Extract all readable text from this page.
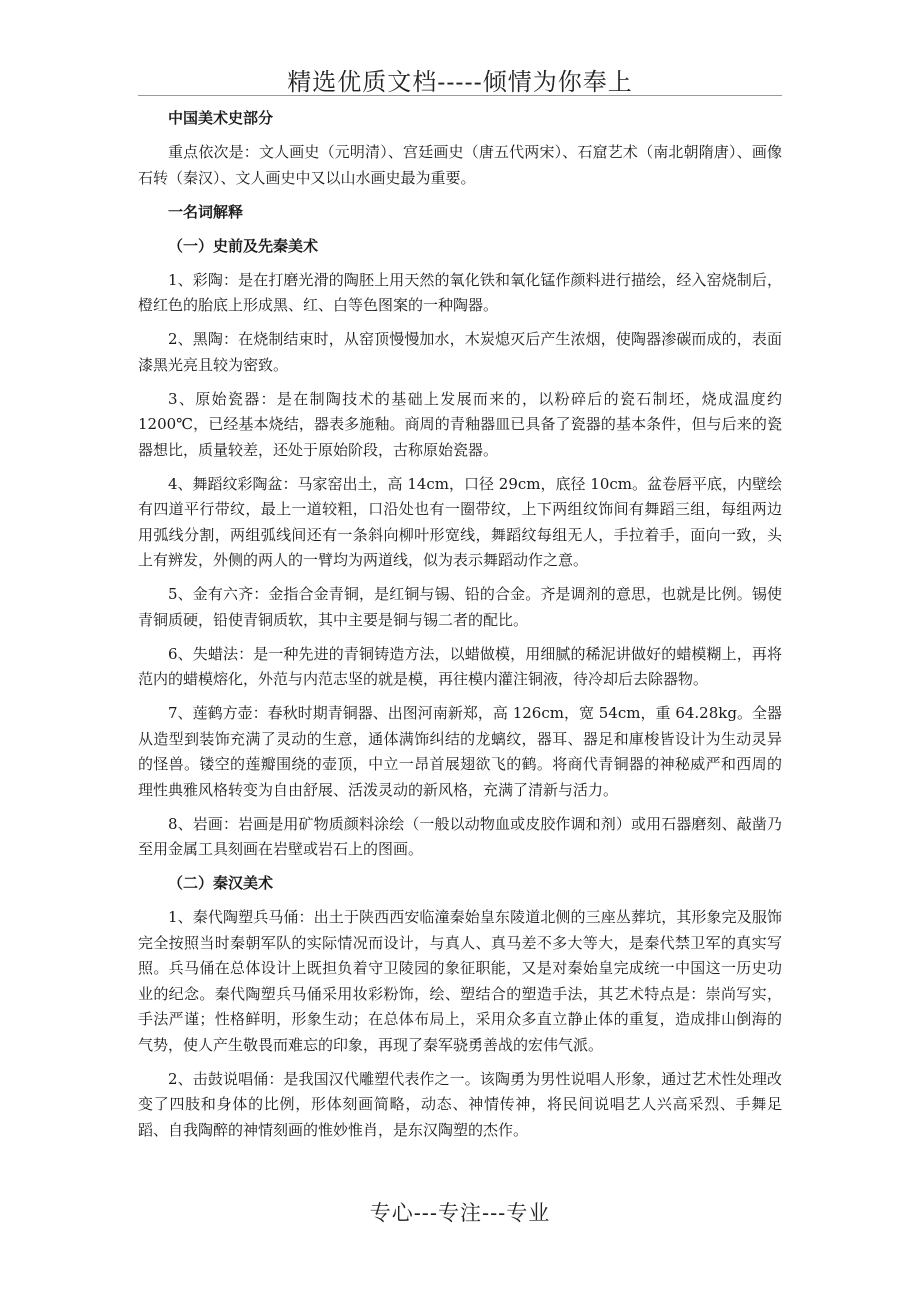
精选优质文档-----倾情为你奉上

中国美术史部分

重点依次是：文人画史（元明清）、宫廷画史（唐五代两宋）、石窟艺术（南北朝隋唐）、画像石转（秦汉）、文人画史中又以山水画史最为重要。

一名词解释

（一）史前及先秦美术

1、彩陶：是在打磨光滑的陶胚上用天然的氧化铁和氧化锰作颜料进行描绘，经入窑烧制后，橙红色的胎底上形成黑、红、白等色图案的一种陶器。

2、黑陶：在烧制结束时，从窑顶慢慢加水，木炭熄灭后产生浓烟，使陶器渗碳而成的，表面漆黑光亮且较为密致。

3、原始瓷器：是在制陶技术的基础上发展而来的，以粉碎后的瓷石制坯，烧成温度约1200℃，已经基本烧结，器表多施釉。商周的青釉器皿已具备了瓷器的基本条件，但与后来的瓷器想比，质量较差，还处于原始阶段，古称原始瓷器。

4、舞蹈纹彩陶盆：马家窑出土，高 14cm，口径 29cm，底径 10cm。盆卷唇平底，内壁绘有四道平行带纹，最上一道较粗，口沿处也有一圈带纹，上下两组纹饰间有舞蹈三组，每组两边用弧线分割，两组弧线间还有一条斜向柳叶形宽线，舞蹈纹每组无人，手拉着手，面向一致，头上有辨发，外侧的两人的一臂均为两道线，似为表示舞蹈动作之意。

5、金有六齐：金指合金青铜，是红铜与锡、铅的合金。齐是调剂的意思，也就是比例。锡使青铜质硬，铅使青铜质软，其中主要是铜与锡二者的配比。

6、失蜡法：是一种先进的青铜铸造方法，以蜡做模，用细腻的稀泥讲做好的蜡模糊上，再将范内的蜡模熔化，外范与内范志坚的就是模，再往模内灌注铜液，待冷却后去除器物。

7、莲鹤方壶：春秋时期青铜器、出图河南新郑，高 126cm，宽 54cm，重 64.28kg。全器从造型到装饰充满了灵动的生意，通体满饰纠结的龙螭纹，器耳、器足和庫梭皆设计为生动灵异的怪兽。镂空的莲瓣围绕的壶顶，中立一昂首展翅欲飞的鹤。将商代青铜器的神秘威严和西周的理性典雅风格转变为自由舒展、活泼灵动的新风格，充满了清新与活力。

8、岩画：岩画是用矿物质颜料涂绘（一般以动物血或皮胶作调和剂）或用石器磨刻、敲凿乃至用金属工具刻画在岩壁或岩石上的图画。

（二）秦汉美术

1、秦代陶塑兵马俑：出土于陕西西安临潼秦始皇东陵道北侧的三座丛葬坑，其形象完及服饰完全按照当时秦朝军队的实际情况而设计，与真人、真马差不多大等大，是秦代禁卫军的真实写照。兵马俑在总体设计上既担负着守卫陵园的象征职能，又是对秦始皇完成统一中国这一历史功业的纪念。秦代陶塑兵马俑采用妆彩粉饰，绘、塑结合的塑造手法，其艺术特点是：崇尚写实，手法严谨；性格鲜明，形象生动；在总体布局上，采用众多直立静止体的重复，造成排山倒海的气势，使人产生敬畏而难忘的印象，再现了秦军骁勇善战的宏伟气派。

2、击鼓说唱俑：是我国汉代雕塑代表作之一。该陶勇为男性说唱人形象，通过艺术性处理改变了四肢和身体的比例，形体刻画简略，动态、神情传神，将民间说唱艺人兴高采烈、手舞足蹈、自我陶醉的神情刻画的惟妙惟肖，是东汉陶塑的杰作。

专心---专注---专业
